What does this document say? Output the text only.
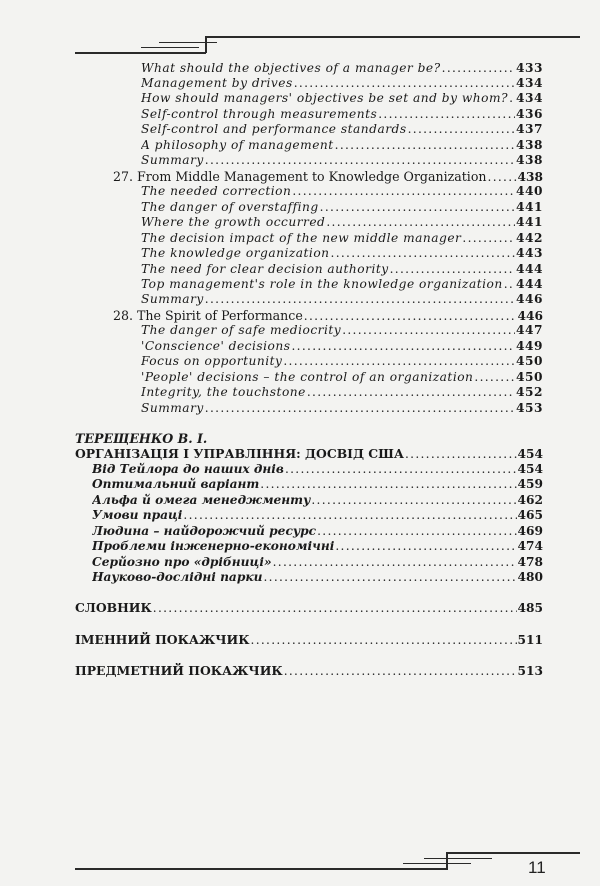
What should the objectives of a manager be? .....	433
Management by drives .....	434
How should managers' objectives be set and by whom? ..... 434
Self-control through measurements .....	436
Self-control and performance standards .....	437
A philosophy of management .....	438
Summary .....	438
27. From Middle Management to Knowledge Organization .....	438
The needed correction .....	440
The danger of overstaffing .....	441
Where the growth occurred .....	441
The decision impact of the new middle manager .....	442
The knowledge organization .....	443
The need for clear decision authority .....	444
Top management's role in the knowledge organization ..... 444
Summary .....	446
28. The Spirit of Performance .....	446
The danger of safe mediocrity .....	447
'Conscience' decisions .....	449
Focus on opportunity .....	450
'People' decisions – the control of an organization .....	450
Integrity, the touchstone .....	452
Summary .....	453
ТЕРЕЩЕНКО В. І.
ОРГАНІЗАЦІЯ І УПРАВЛІННЯ: ДОСВІД США .....	454
Від Тейлора до наших днів .....	454
Оптимальний варіант .....	459
Альфа й омега менеджменту .....	462
Умови праці .....	465
Людина – найдорожчий ресурс .....	469
Проблеми інженерно-економічні .....	474
Серйозно про «дрібниці» .....	478
Науково-дослідні парки .....	480
СЛОВНИК .....	485
ІМЕННИЙ ПОКАЖЧИК .....	511
ПРЕДМЕТНИЙ ПОКАЖЧИК .....	513
11
